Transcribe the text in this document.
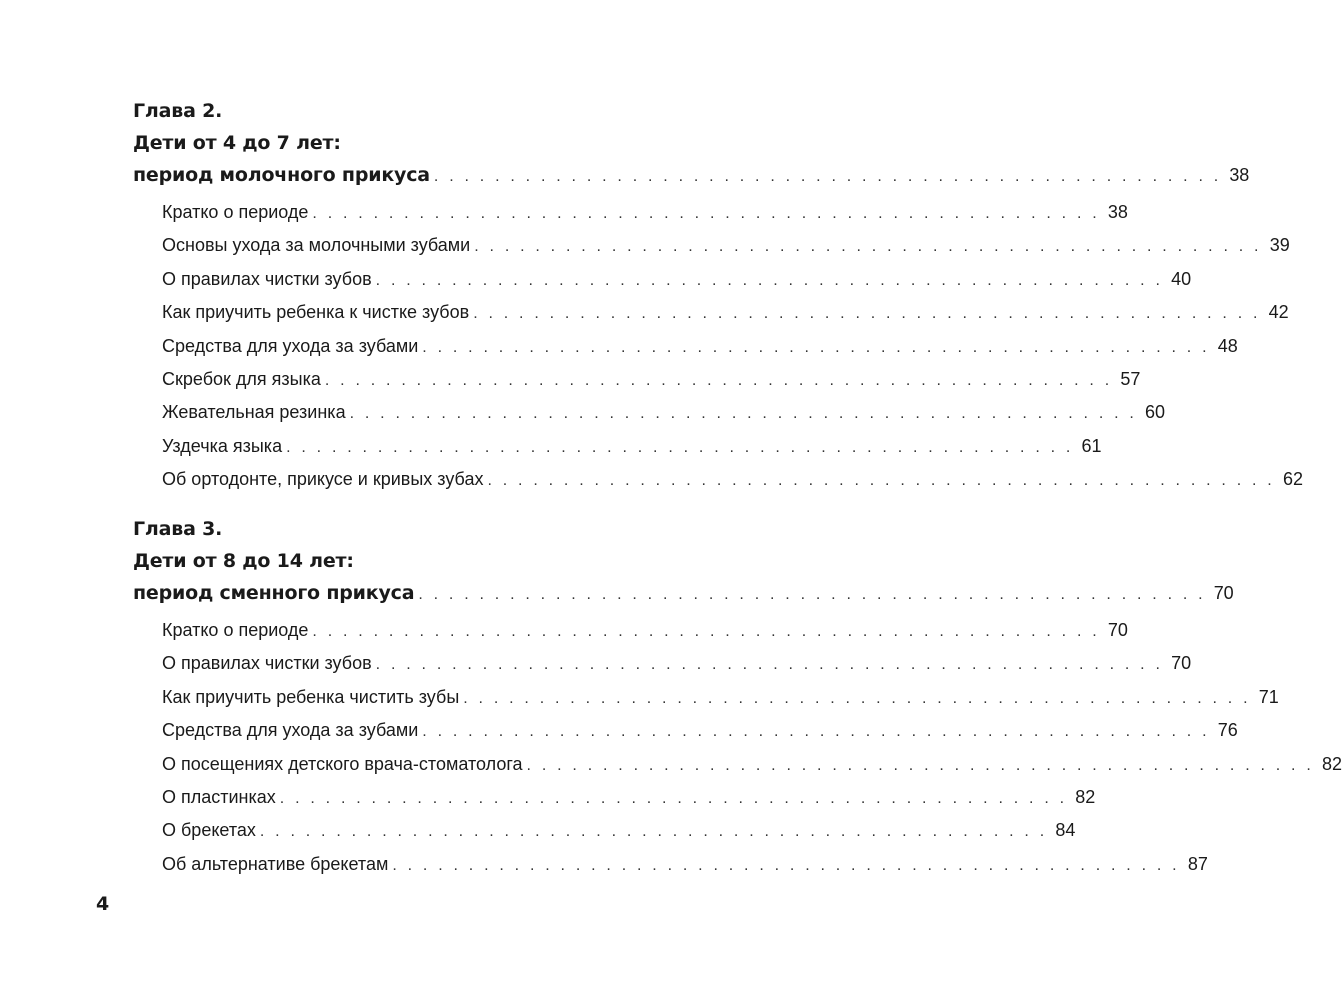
Глава 2.
Дети от 4 до 7 лет:
период молочного прикуса . . . . . . . . . . . . . . . . . . . . . . . . . . . . . . . . . . . . . . . . . . . . . . . . . . . . 38
Кратко о периоде . . . . . . . . . . . . . . . . . . . . . . . . . . . . . . . . . . . . . . . . . . . . . . . . . . . . 38
Основы ухода за молочными зубами . . . . . . . . . . . . . . . . . . . . . . . . . . . . . . . . . . . . . . . . . . . . . . . . . . . . 39
О правилах чистки зубов . . . . . . . . . . . . . . . . . . . . . . . . . . . . . . . . . . . . . . . . . . . . . . . . . . . . 40
Как приучить ребенка к чистке зубов . . . . . . . . . . . . . . . . . . . . . . . . . . . . . . . . . . . . . . . . . . . . . . . . . . . . 42
Средства для ухода за зубами . . . . . . . . . . . . . . . . . . . . . . . . . . . . . . . . . . . . . . . . . . . . . . . . . . . . 48
Скребок для языка . . . . . . . . . . . . . . . . . . . . . . . . . . . . . . . . . . . . . . . . . . . . . . . . . . . . 57
Жевательная резинка . . . . . . . . . . . . . . . . . . . . . . . . . . . . . . . . . . . . . . . . . . . . . . . . . . . . 60
Уздечка языка . . . . . . . . . . . . . . . . . . . . . . . . . . . . . . . . . . . . . . . . . . . . . . . . . . . . 61
Об ортодонте, прикусе и кривых зубах . . . . . . . . . . . . . . . . . . . . . . . . . . . . . . . . . . . . . . . . . . . . . . . . . . . . 62
Глава 3.
Дети от 8 до 14 лет:
период сменного прикуса . . . . . . . . . . . . . . . . . . . . . . . . . . . . . . . . . . . . . . . . . . . . . . . . . . . . 70
Кратко о периоде . . . . . . . . . . . . . . . . . . . . . . . . . . . . . . . . . . . . . . . . . . . . . . . . . . . . 70
О правилах чистки зубов . . . . . . . . . . . . . . . . . . . . . . . . . . . . . . . . . . . . . . . . . . . . . . . . . . . . 70
Как приучить ребенка чистить зубы . . . . . . . . . . . . . . . . . . . . . . . . . . . . . . . . . . . . . . . . . . . . . . . . . . . . 71
Средства для ухода за зубами . . . . . . . . . . . . . . . . . . . . . . . . . . . . . . . . . . . . . . . . . . . . . . . . . . . . 76
О посещениях детского врача-стоматолога . . . . . . . . . . . . . . . . . . . . . . . . . . . . . . . . . . . . . . . . . . . . . . . . . . . . 82
О пластинках . . . . . . . . . . . . . . . . . . . . . . . . . . . . . . . . . . . . . . . . . . . . . . . . . . . . 82
О брекетах . . . . . . . . . . . . . . . . . . . . . . . . . . . . . . . . . . . . . . . . . . . . . . . . . . . . 84
Об альтернативе брекетам . . . . . . . . . . . . . . . . . . . . . . . . . . . . . . . . . . . . . . . . . . . . . . . . . . . . 87
4
